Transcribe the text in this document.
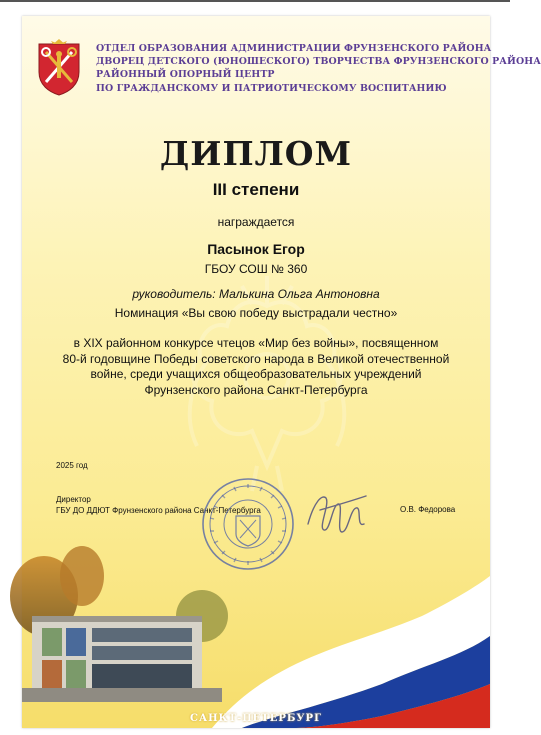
ОТДЕЛ ОБРАЗОВАНИЯ АДМИНИСТРАЦИИ ФРУНЗЕНСКОГО РАЙОНА
ДВОРЕЦ ДЕТСКОГО (ЮНОШЕСКОГО) ТВОРЧЕСТВА ФРУНЗЕНСКОГО РАЙОНА
РАЙОННЫЙ ОПОРНЫЙ ЦЕНТР
ПО ГРАЖДАНСКОМУ И ПАТРИОТИЧЕСКОМУ ВОСПИТАНИЮ
ДИПЛОМ
III степени
награждается
Пасынок Егор
ГБОУ СОШ № 360
руководитель: Малькина Ольга Антоновна
Номинация «Вы свою победу выстрадали честно»
в XIX районном конкурсе чтецов «Мир без войны», посвященном
80-й годовщине Победы советского народа в Великой отечественной
войне, среди учащихся общеобразовательных учреждений
Фрунзенского района Санкт-Петербурга
2025 год
Директор
ГБУ ДО ДДЮТ Фрунзенского района Санкт-Петербурга	О.В. Федорова
САНКТ-ПЕТЕРБУРГ
